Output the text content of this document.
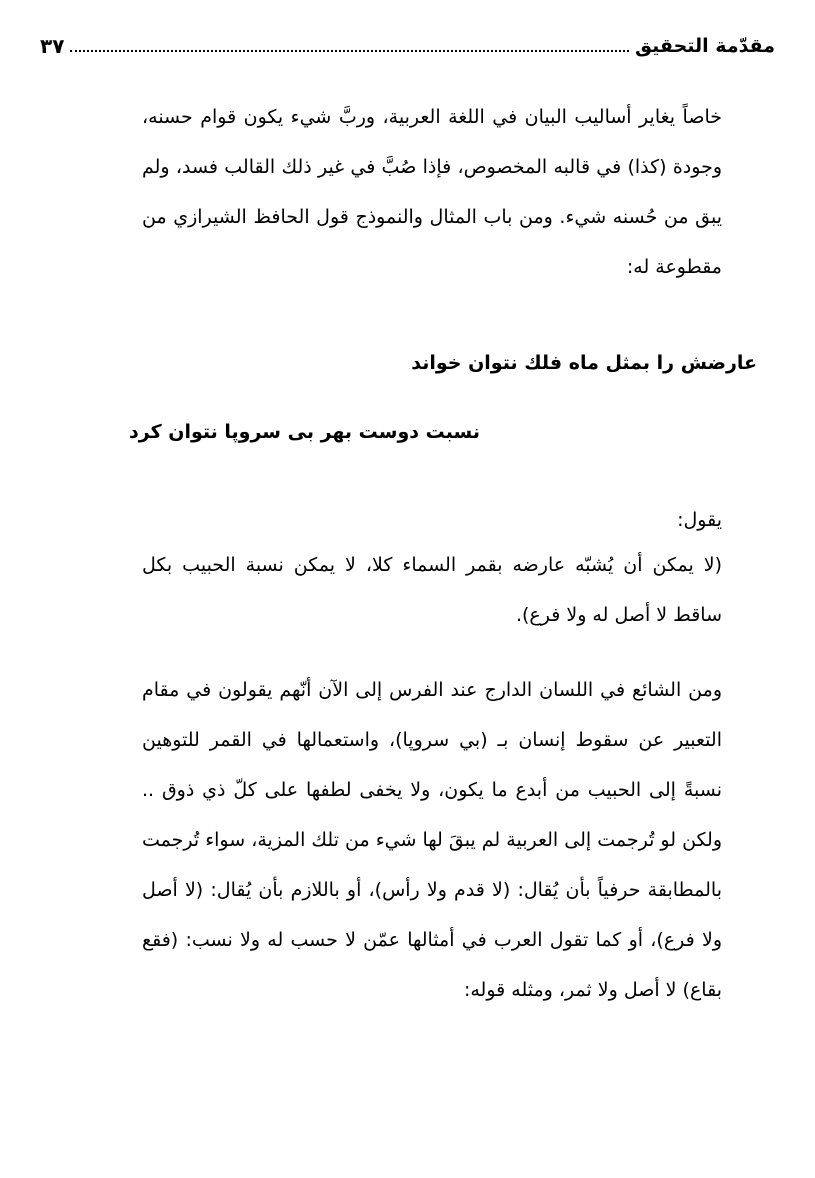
مقدّمة التحقيق
٣٧

خاصاً يغاير أساليب البيان في اللغة العربية، وربَّ شيء يكون قوام حسنه، وجودة (كذا) في قالبه المخصوص، فإذا صُبَّ في غير ذلك القالب فسد، ولم يبق من حُسنه شيء. ومن باب المثال والنموذج قول الحافظ الشيرازي من مقطوعة له:

عارضش را بمثل ماه فلك نتوان خواند

نسبت دوست بهر بى سروپا نتوان كرد

يقول:

(لا يمكن أن يُشبّه عارضه بقمر السماء كلا، لا يمكن نسبة الحبيب بكل ساقط لا أصل له ولا فرع).

ومن الشائع في اللسان الدارج عند الفرس إلى الآن أنّهم يقولون في مقام التعبير عن سقوط إنسان بـ (بي سروپا)، واستعمالها في القمر للتوهين نسبةً إلى الحبيب من أبدع ما يكون، ولا يخفى لطفها على كلّ ذي ذوق .. ولكن لو تُرجمت إلى العربية لم يبقَ لها شيء من تلك المزية، سواء تُرجمت بالمطابقة حرفياً بأن يُقال: (لا قدم ولا رأس)، أو باللازم بأن يُقال: (لا أصل ولا فرع)، أو كما تقول العرب في أمثالها عمّن لا حسب له ولا نسب: (فقع بقاع) لا أصل ولا ثمر، ومثله قوله:
